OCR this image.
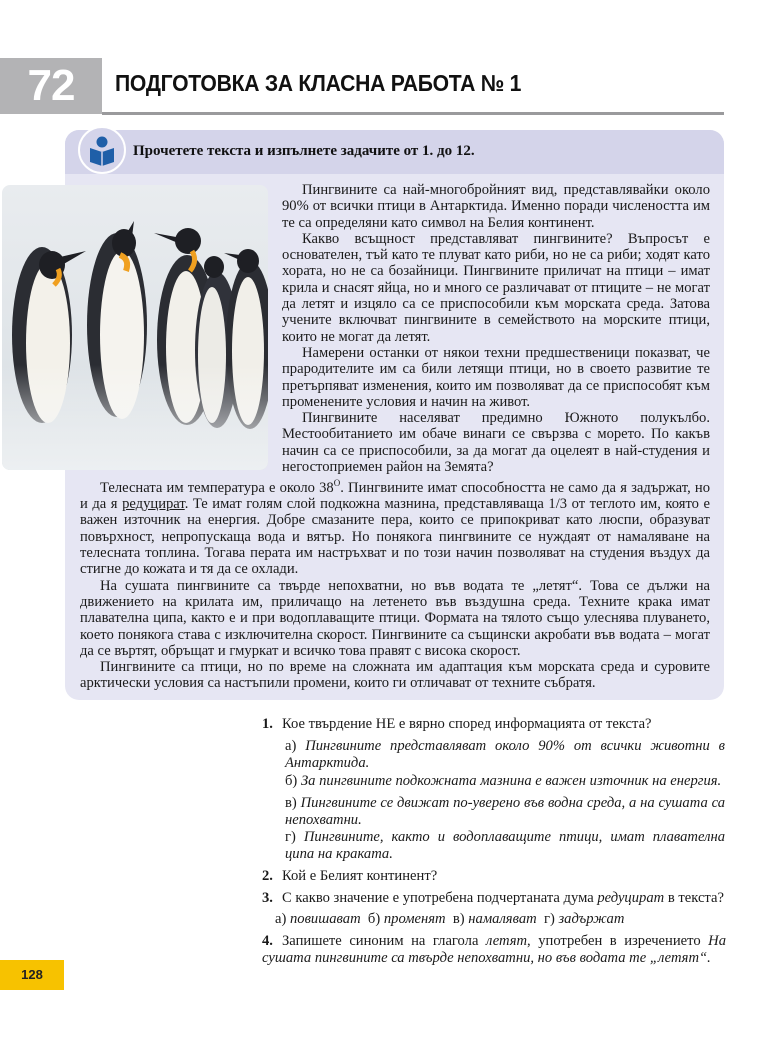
72	ПОДГОТОВКА ЗА КЛАСНА РАБОТА № 1
Прочетете текста и изпълнете задачите от 1. до 12.

Пингвините са най-многобройният вид, представлявайки около 90% от всички птици в Антарктида. Именно поради числеността им те са определяни като символ на Белия континент.

Какво всъщност представляват пингвините? Въпросът е основателен, тъй като те плуват като риби, но не са риби; ходят като хората, но не са бозайници. Пингвините приличат на птици – имат крила и снасят яйца, но и много се различават от птиците – не могат да летят и изцяло са се приспособили към морската среда. Затова учените включват пингвините в семейството на морските птици, които не могат да летят.

Намерени останки от някои техни предшественици показват, че прародителите им са били летящи птици, но в своето развитие те претърпяват изменения, които им позволяват да се приспособят към променените условия и начин на живот.

Пингвините населяват предимно Южното полукълбо. Местообитанието им обаче винаги се свързва с морето. По какъв начин са се приспособили, за да могат да оцелеят в най-студения и негостоприемен район на Земята?

Телесната им температура е около $38^О$. Пингвините имат способността не само да я задържат, но и да я редуцират. Те имат голям слой подкожна мазнина, представляваща 1/3 от теглото им, която е важен източник на енергия. Добре смазаните пера, които се припокриват като люспи, образуват повърхност, непропускаща вода и вятър. Но понякога пингвините се нуждаят от намаляване на телесната топлина. Тогава перата им настръхват и по този начин позволяват на студения въздух да стигне до кожата и тя да се охлади.

На сушата пингвините са твърде непохватни, но във водата те „летят“. Това се дължи на движението на крилата им, приличащо на летенето във въздушна среда. Техните крака имат плавателна ципа, както е и при водоплаващите птици. Формата на тялото също улеснява плуването, което понякога става с изключителна скорост. Пингвините са същински акробати във водата – могат да се въртят, обръщат и гмуркат и всичко това правят с висока скорост.

Пингвините са птици, но по време на сложната им адаптация към морската среда и суровите арктически условия са настъпили промени, които ги отличават от техните събратя.

1. Кое твърдение НЕ е вярно според информацията от текста?
а) Пингвините представляват около 90% от всички животни в Антарктида.
б) За пингвините подкожната мазнина е важен източник на енергия.
в) Пингвините се движат по-уверено във водна среда, а на сушата са непохватни.
г) Пингвините, както и водоплаващите птици, имат плавателна ципа на краката.
2. Кой е Белият континент?
3. С какво значение е употребена подчертаната дума редуцират в текста?
а) повишават б) променят в) намаляват г) задържат
4. Запишете синоним на глагола летят, употребен в изречението На сушата пингвините са твърде непохватни, но във водата те „летят“.
128
